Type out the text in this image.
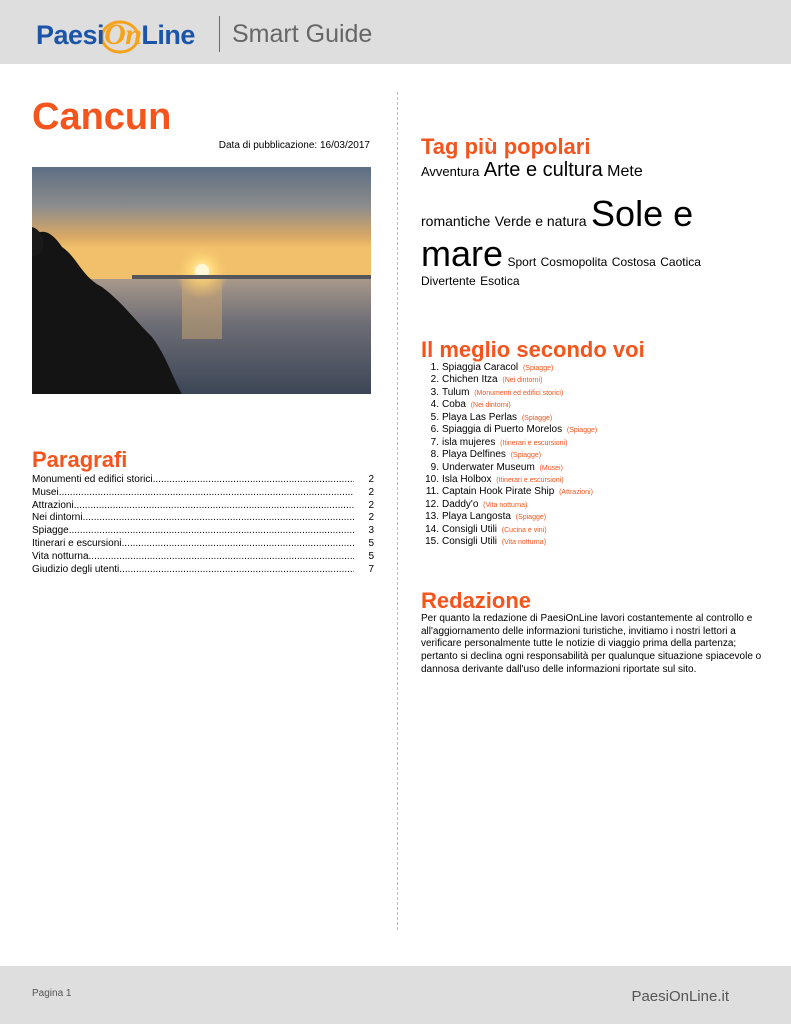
PaesiOnLine Smart Guide
Cancun
Data di pubblicazione: 16/03/2017
Paragrafi
Monumenti ed edifici storici .....	2
Musei .....	2
Attrazioni .....	2
Nei dintorni .....	2
Spiagge .....	3
Itinerari e escursioni .....	5
Vita notturna .....	5
Giudizio degli utenti .....	7
Tag più popolari
Avventura Arte e cultura Mete
romantiche Verde e natura Sole e
mare Sport Cosmopolita Costosa Caotica
Divertente Esotica
Il meglio secondo voi
1. Spiaggia Caracol (Spiagge)
2. Chichen Itza (Nei dintorni)
3. Tulum (Monumenti ed edifici storici)
4. Coba (Nei dintorni)
5. Playa Las Perlas (Spiagge)
6. Spiaggia di Puerto Morelos (Spiagge)
7. isla mujeres (Itinerari e escursioni)
8. Playa Delfines (Spiagge)
9. Underwater Museum (Musei)
10. Isla Holbox (Itinerari e escursioni)
11. Captain Hook Pirate Ship (Attrazioni)
12. Daddy'o (Vita notturna)
13. Playa Langosta (Spiagge)
14. Consigli Utili (Cucina e vini)
15. Consigli Utili (Vita notturna)
Redazione
Per quanto la redazione di PaesiOnLine lavori costantemente al controllo e all'aggiornamento delle informazioni turistiche, invitiamo i nostri lettori a verificare personalmente tutte le notizie di viaggio prima della partenza; pertanto si declina ogni responsabilità per qualunque situazione spiacevole o dannosa derivante dall'uso delle informazioni riportate sul sito.
Pagina 1	PaesiOnLine.it
